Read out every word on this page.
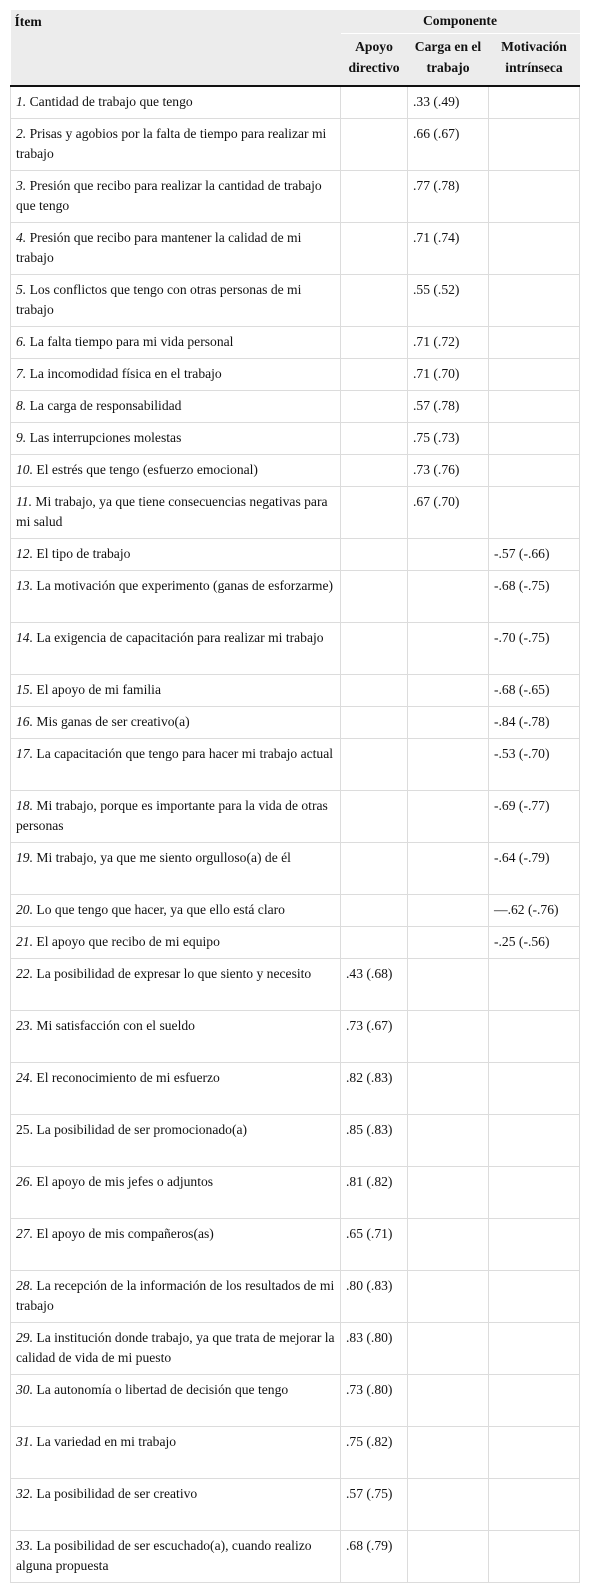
Ítem	Componente		
	Apoyo directivo	Carga en el trabajo	Motivación intrínseca
1. Cantidad de trabajo que tengo		.33 (.49)	
2. Prisas y agobios por la falta de tiempo para realizar mi trabajo		.66 (.67)	
3. Presión que recibo para realizar la cantidad de trabajo que tengo		.77 (.78)	
4. Presión que recibo para mantener la calidad de mi trabajo		.71 (.74)	
5. Los conflictos que tengo con otras personas de mi trabajo		.55 (.52)	
6. La falta tiempo para mi vida personal		.71 (.72)	
7. La incomodidad física en el trabajo		.71 (.70)	
8. La carga de responsabilidad		.57 (.78)	
9. Las interrupciones molestas		.75 (.73)	
10. El estrés que tengo (esfuerzo emocional)		.73 (.76)	
11. Mi trabajo, ya que tiene consecuencias negativas para mi salud		.67 (.70)	
12. El tipo de trabajo			-.57 (-.66)
13. La motivación que experimento (ganas de esforzarme)			-.68 (-.75)
14. La exigencia de capacitación para realizar mi trabajo			-.70 (-.75)
15. El apoyo de mi familia			-.68 (-.65)
16. Mis ganas de ser creativo(a)			-.84 (-.78)
17. La capacitación que tengo para hacer mi trabajo actual			-.53 (-.70)
18. Mi trabajo, porque es importante para la vida de otras personas			-.69 (-.77)
19. Mi trabajo, ya que me siento orgulloso(a) de él			-.64 (-.79)
20. Lo que tengo que hacer, ya que ello está claro			—.62 (-.76)
21. El apoyo que recibo de mi equipo			-.25 (-.56)
22. La posibilidad de expresar lo que siento y necesito	.43 (.68)		
23. Mi satisfacción con el sueldo	.73 (.67)		
24. El reconocimiento de mi esfuerzo	.82 (.83)		
25. La posibilidad de ser promocionado(a)	.85 (.83)		
26. El apoyo de mis jefes o adjuntos	.81 (.82)		
27. El apoyo de mis compañeros(as)	.65 (.71)		
28. La recepción de la información de los resultados de mi trabajo	.80 (.83)		
29. La institución donde trabajo, ya que trata de mejorar la calidad de vida de mi puesto	.83 (.80)		
30. La autonomía o libertad de decisión que tengo	.73 (.80)		
31. La variedad en mi trabajo	.75 (.82)		
32. La posibilidad de ser creativo	.57 (.75)		
33. La posibilidad de ser escuchado(a), cuando realizo alguna propuesta	.68 (.79)		
